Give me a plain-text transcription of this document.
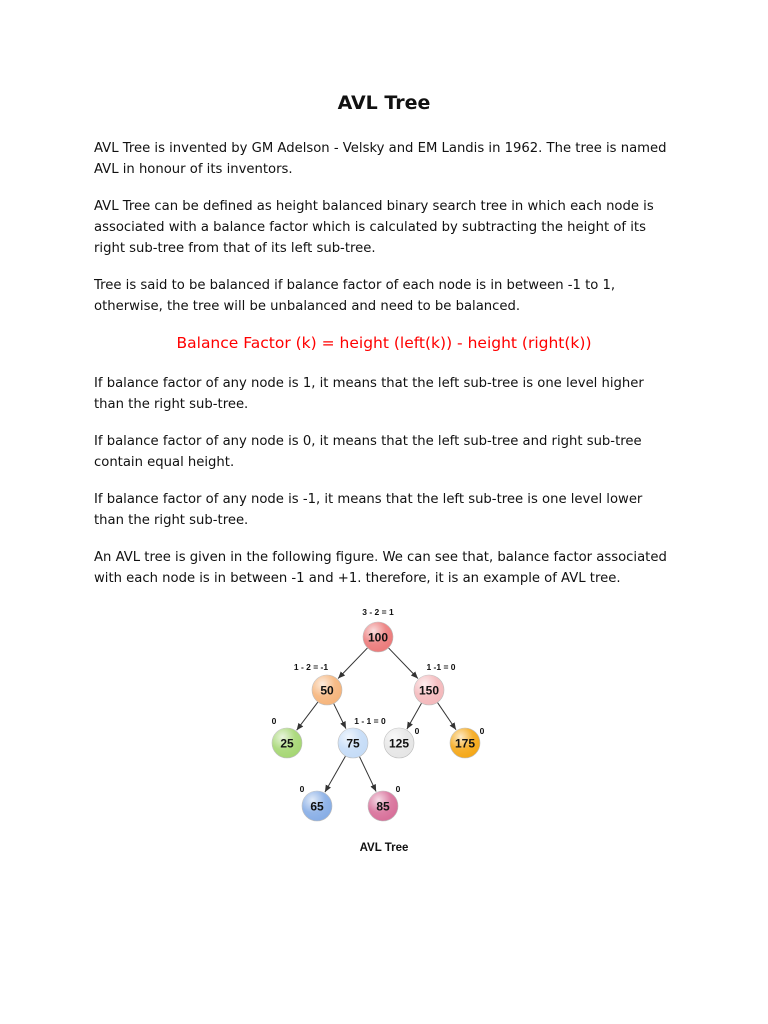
AVL Tree

AVL Tree is invented by GM Adelson - Velsky and EM Landis in 1962. The tree is named AVL in honour of its inventors.

AVL Tree can be defined as height balanced binary search tree in which each node is associated with a balance factor which is calculated by subtracting the height of its right sub-tree from that of its left sub-tree.

Tree is said to be balanced if balance factor of each node is in between -1 to 1, otherwise, the tree will be unbalanced and need to be balanced.

Balance Factor (k) = height (left(k)) - height (right(k))

If balance factor of any node is 1, it means that the left sub-tree is one level higher than the right sub-tree.

If balance factor of any node is 0, it means that the left sub-tree and right sub-tree contain equal height.

If balance factor of any node is -1, it means that the left sub-tree is one level lower than the right sub-tree.

An AVL tree is given in the following figure. We can see that, balance factor associated with each node is in between -1 and +1. therefore, it is an example of AVL tree.

100
50	150
25	75 125	175
65	85
3 - 2 = 1
1 - 2 = -1	1 -1 = 0
0	1 - 1 = 0
0	0
0	0

AVL Tree
